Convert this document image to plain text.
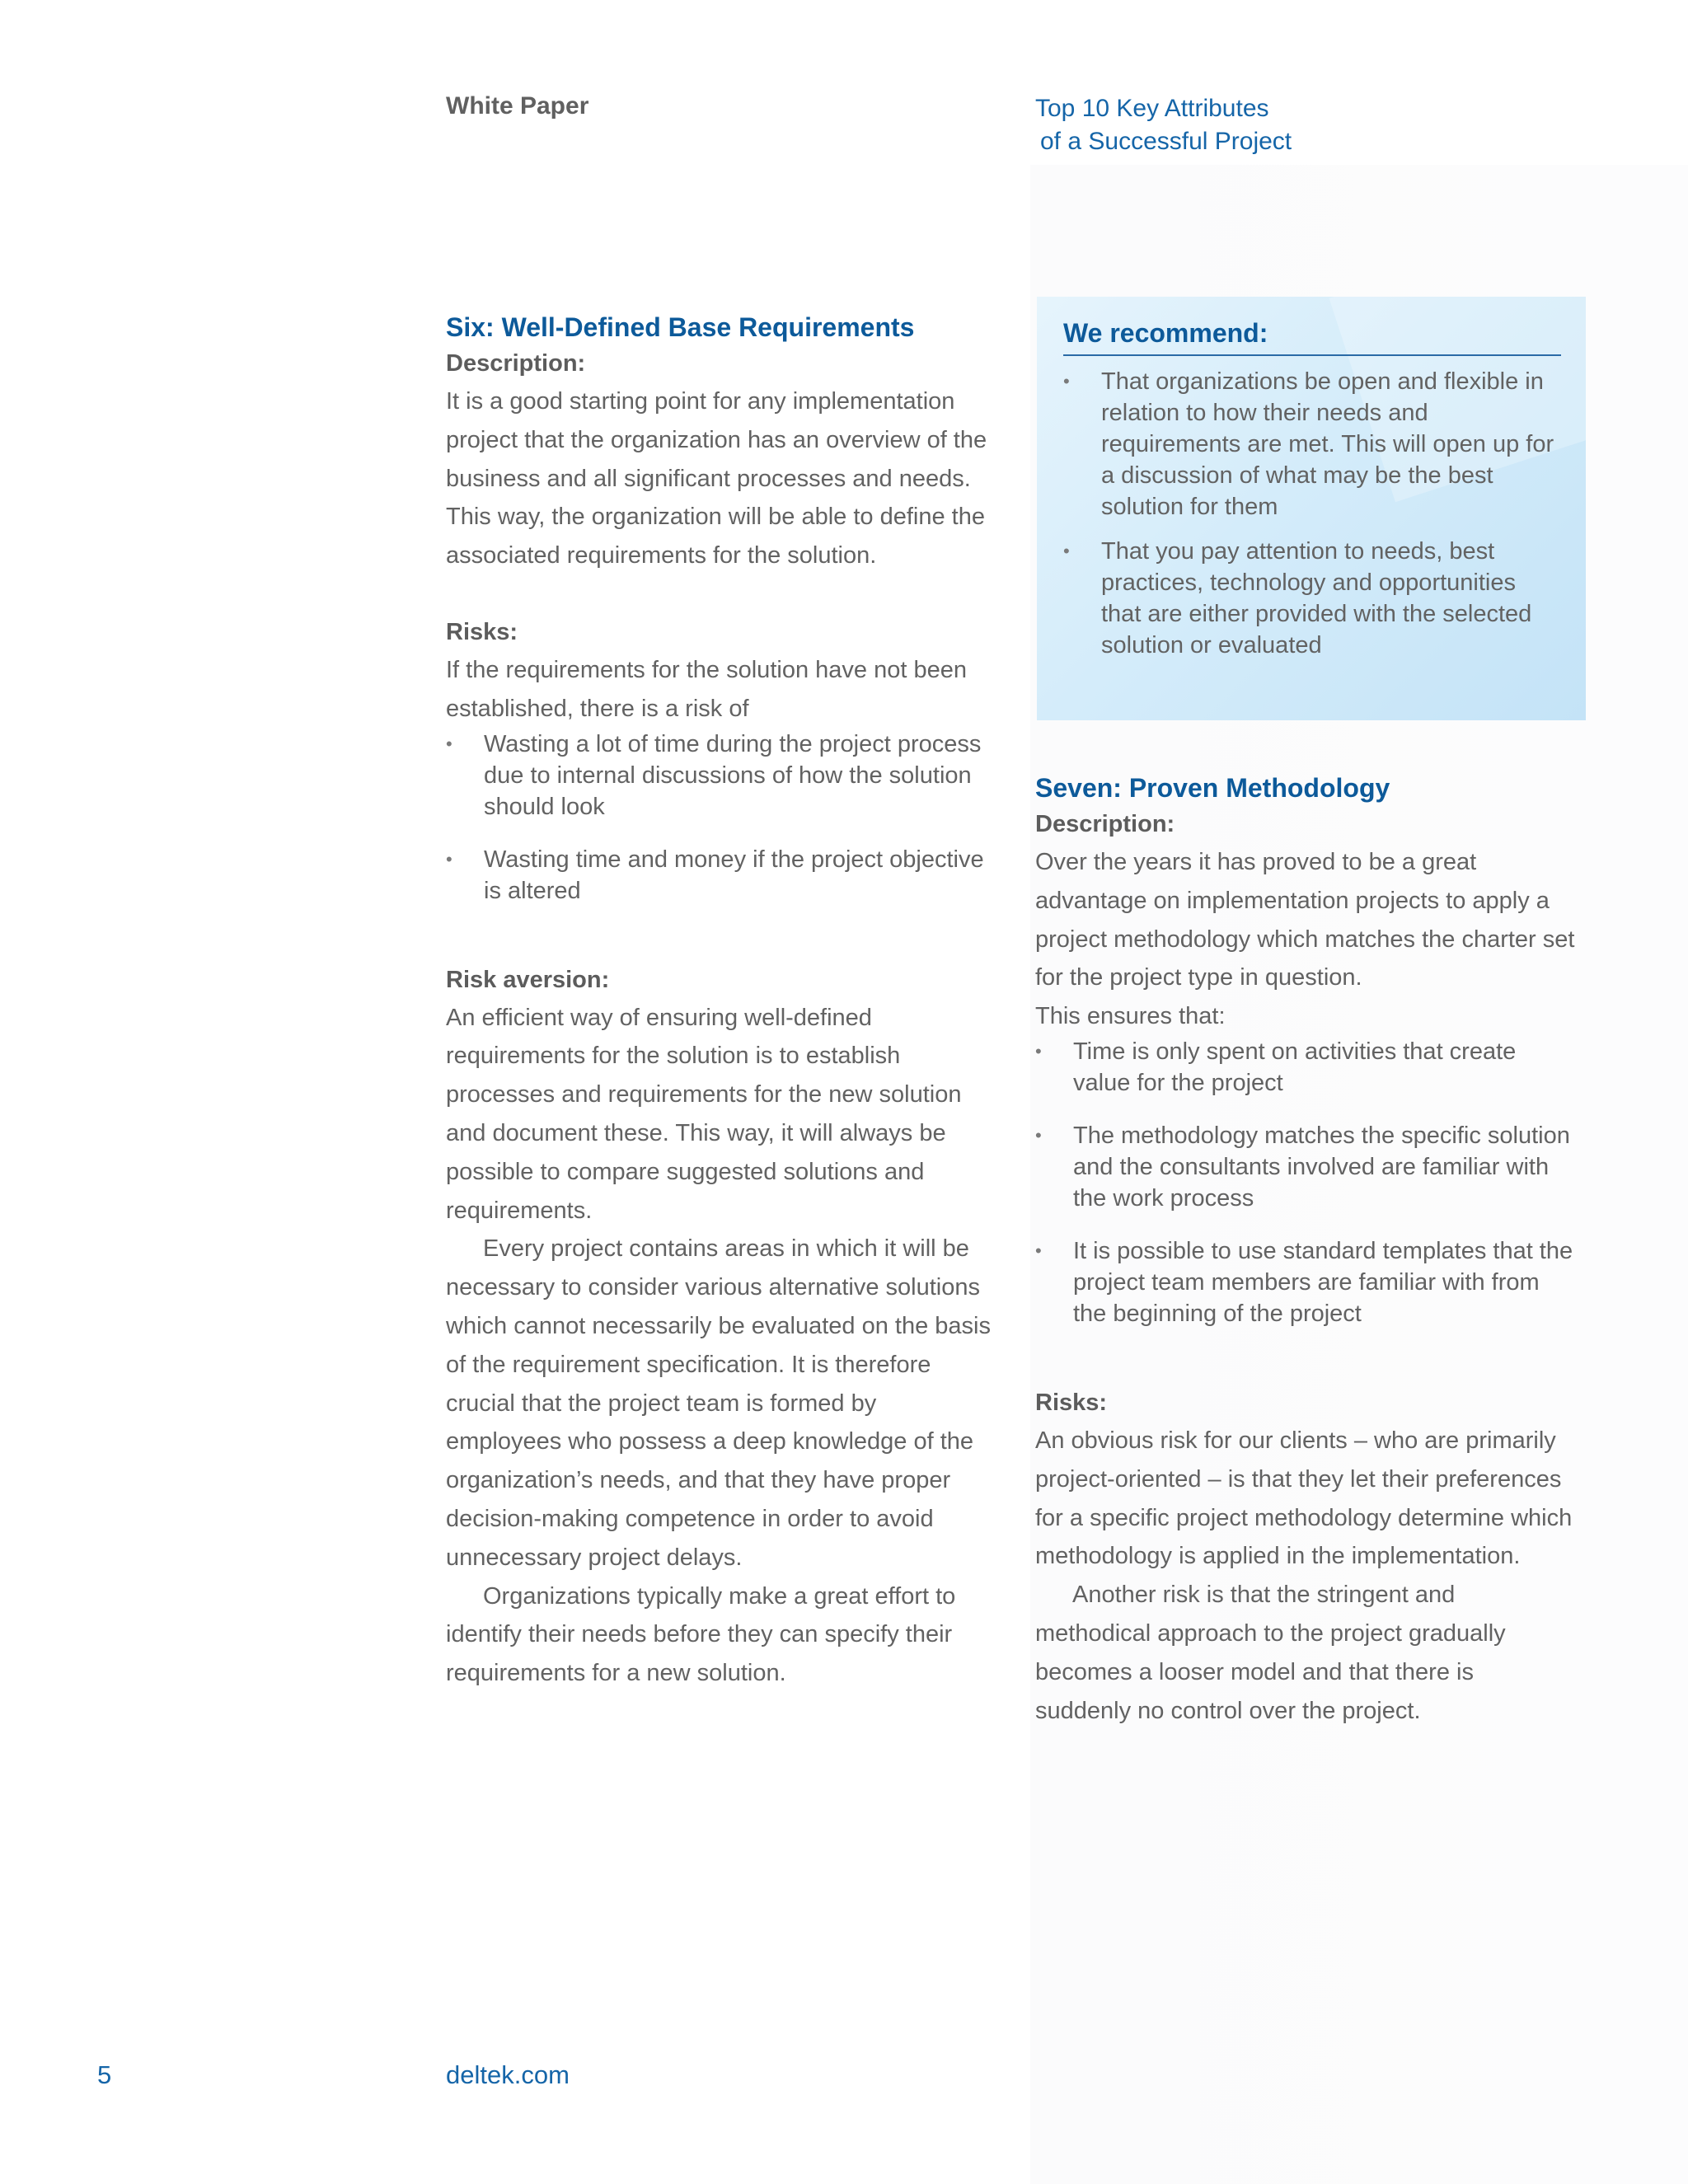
White Paper	Top 10 Key Attributes
of a Successful Project
Six: Well-Defined Base Requirements
Description:

It is a good starting point for any implementation project that the organization has an overview of the business and all significant processes and needs. This way, the organization will be able to define the associated requirements for the solution.

Risks:

If the requirements for the solution have not been established, there is a risk of

• Wasting a lot of time during the project process due to internal discussions of how the solution should look
• Wasting time and money if the project objective is altered
Risk aversion:

An efficient way of ensuring well-defined requirements for the solution is to establish processes and requirements for the new solution and document these. This way, it will always be possible to compare suggested solutions and requirements.

Every project contains areas in which it will be necessary to consider various alternative solutions which cannot necessarily be evaluated on the basis of the requirement specification. It is therefore crucial that the project team is formed by employees who possess a deep knowledge of the organization’s needs, and that they have proper decision-making competence in order to avoid unnecessary project delays.

Organizations typically make a great effort to identify their needs before they can specify their requirements for a new solution.

We recommend:
• That organizations be open and flexible in relation to how their needs and requirements are met. This will open up for a discussion of what may be the best solution for them
• That you pay attention to needs, best practices, technology and opportunities that are either provided with the selected solution or evaluated
Seven: Proven Methodology
Description:

Over the years it has proved to be a great advantage on implementation projects to apply a project methodology which matches the charter set for the project type in question.

This ensures that:

• Time is only spent on activities that create value for the project
• The methodology matches the specific solution and the consultants involved are familiar with the work process
• It is possible to use standard templates that the project team members are familiar with from the beginning of the project
Risks:

An obvious risk for our clients – who are primarily project-oriented – is that they let their preferences for a specific project methodology determine which methodology is applied in the implementation.

Another risk is that the stringent and methodical approach to the project gradually becomes a looser model and that there is suddenly no control over the project.

5	deltek.com
